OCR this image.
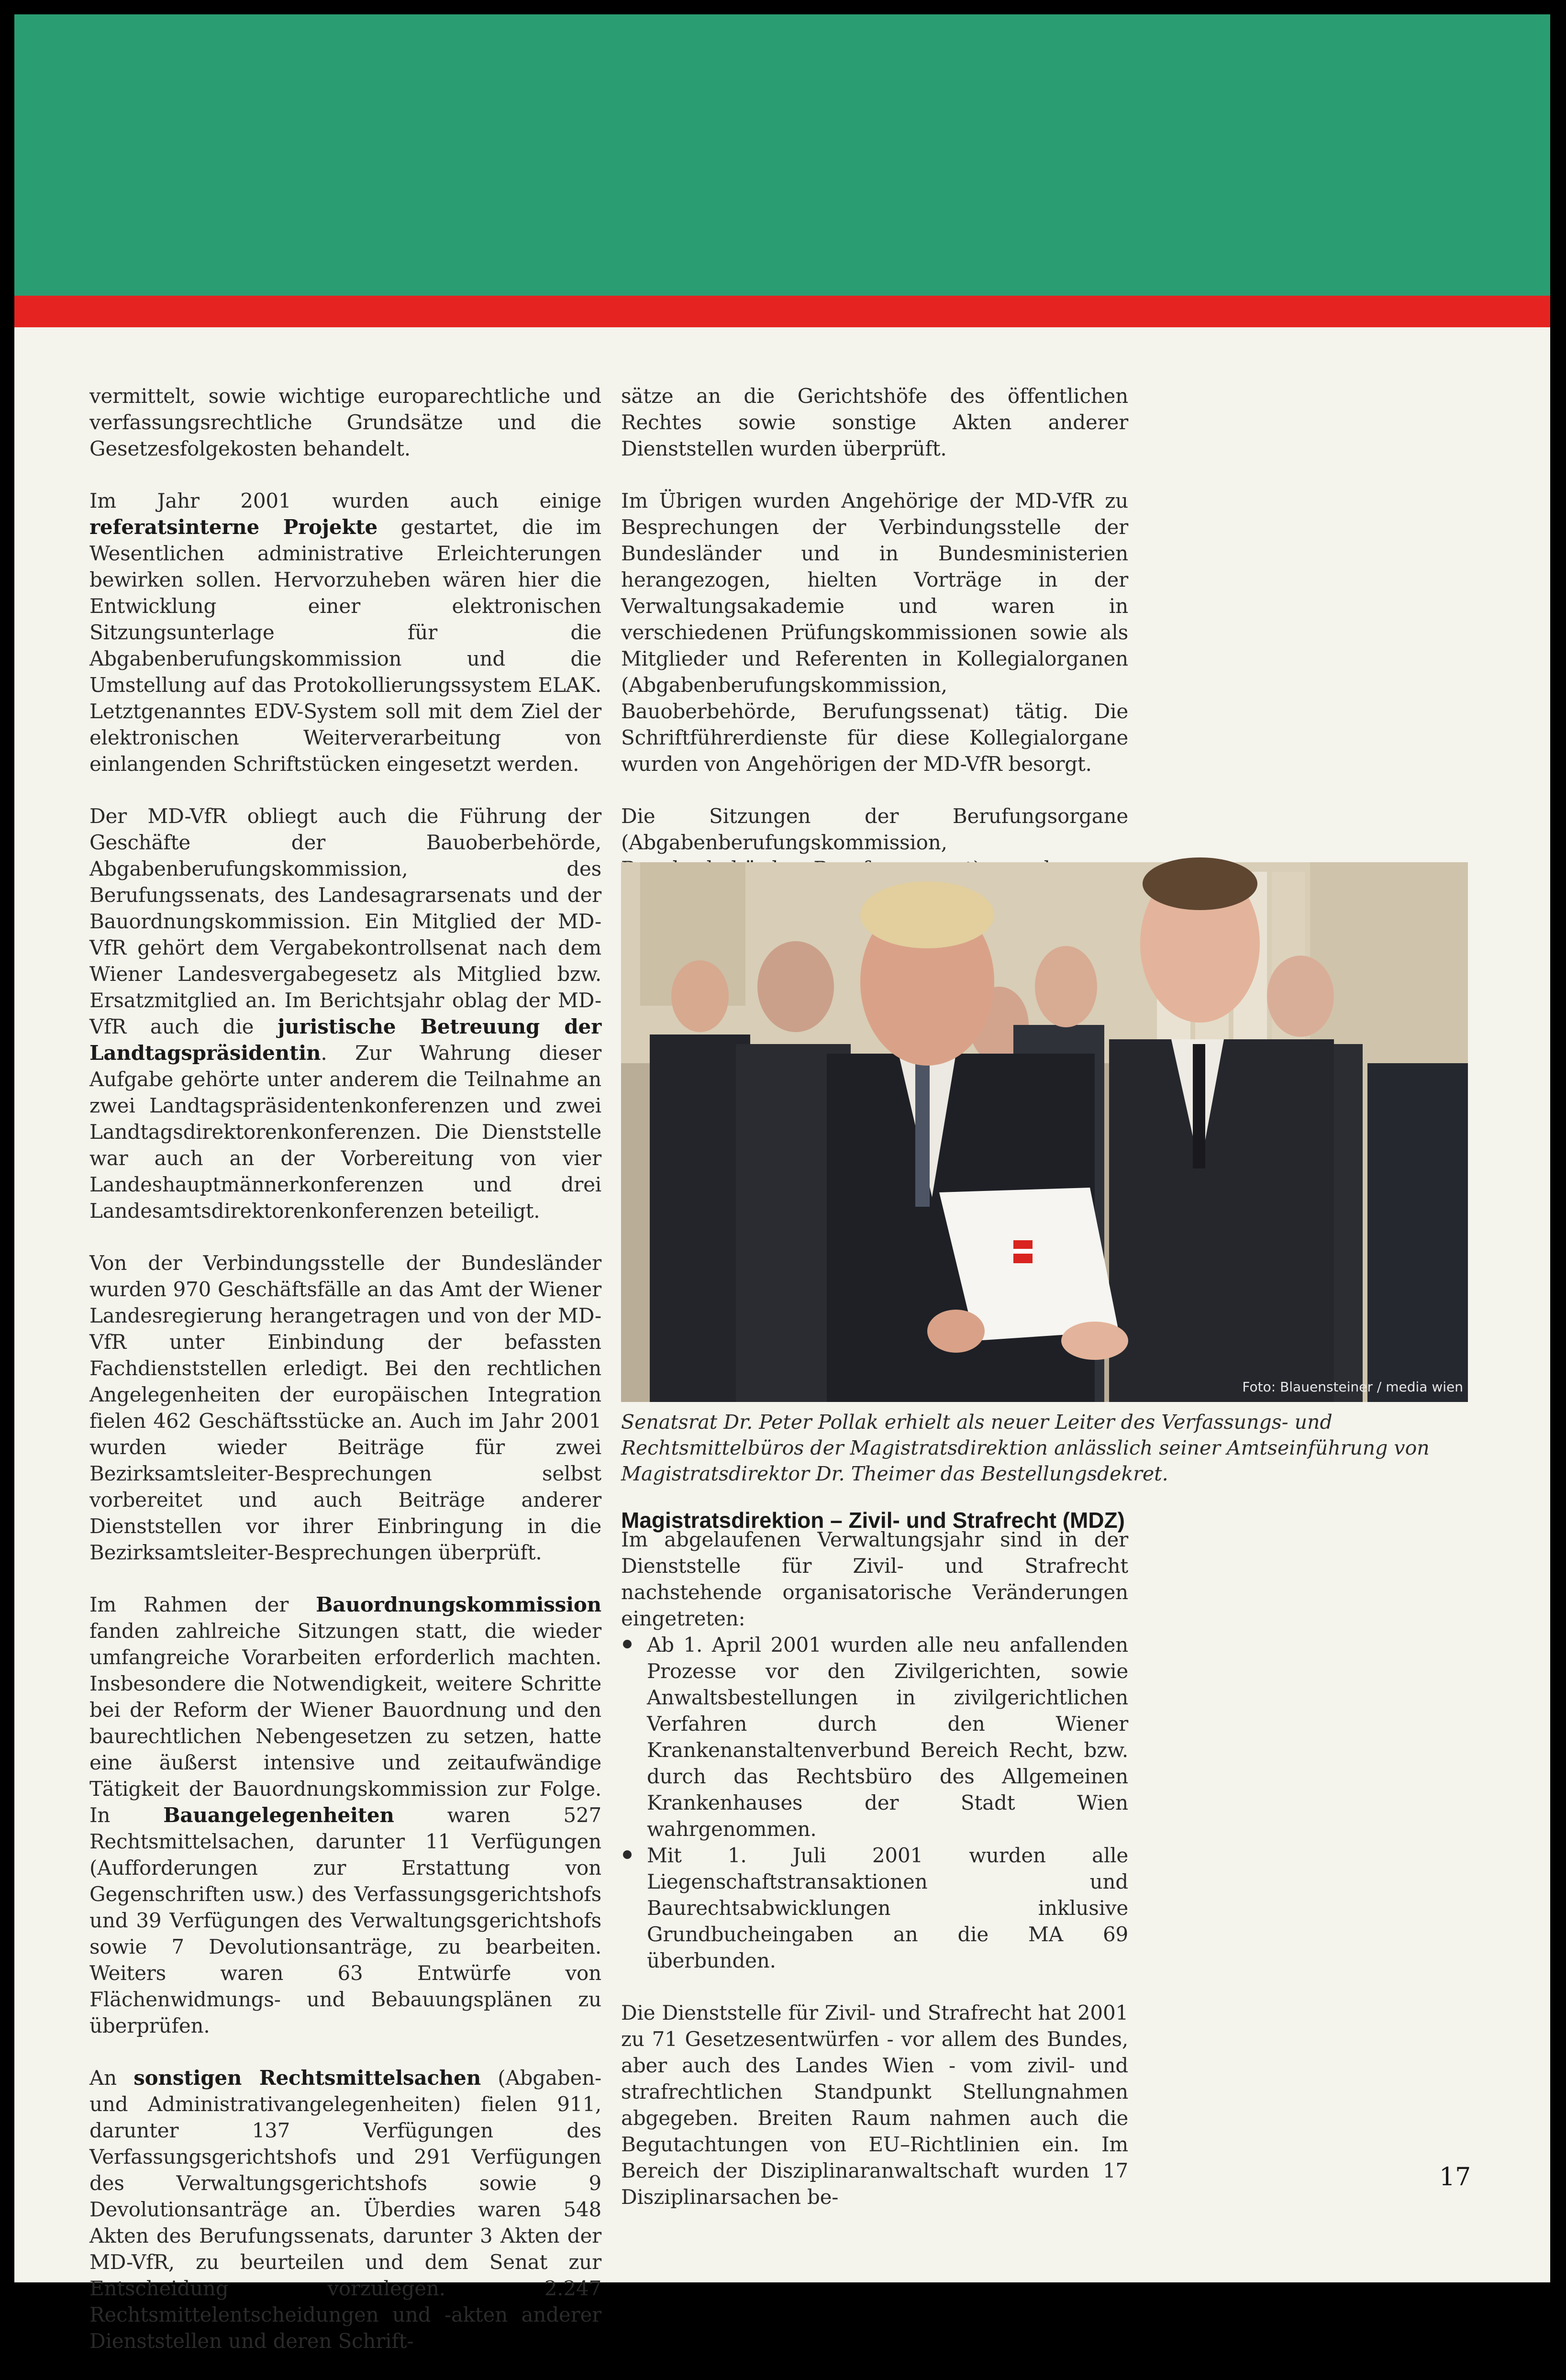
vermittelt, sowie wichtige europarechtliche und verfassungsrechtliche Grundsätze und die Gesetzesfolgekosten behandelt.

Im Jahr 2001 wurden auch einige referatsinterne Projekte gestartet, die im Wesentlichen administrative Erleichterungen bewirken sollen. Hervorzuheben wären hier die Entwicklung einer elektronischen Sitzungsunterlage für die Abgabenberufungskommission und die Umstellung auf das Protokollierungssystem ELAK. Letztgenanntes EDV-System soll mit dem Ziel der elektronischen Weiterverarbeitung von einlangenden Schriftstücken eingesetzt werden.

Der MD-VfR obliegt auch die Führung der Geschäfte der Bauoberbehörde, Abgabenberufungskommission, des Berufungssenats, des Landesagrarsenats und der Bauordnungskommission. Ein Mitglied der MD-VfR gehört dem Vergabekontrollsenat nach dem Wiener Landesvergabegesetz als Mitglied bzw. Ersatzmitglied an. Im Berichtsjahr oblag der MD-VfR auch die juristische Betreuung der Landtagspräsidentin. Zur Wahrung dieser Aufgabe gehörte unter anderem die Teilnahme an zwei Landtagspräsidentenkonferenzen und zwei Landtagsdirektorenkonferenzen. Die Dienststelle war auch an der Vorbereitung von vier Landeshauptmännerkonferenzen und drei Landesamtsdirektorenkonferenzen beteiligt.

Von der Verbindungsstelle der Bundesländer wurden 970 Geschäftsfälle an das Amt der Wiener Landesregierung herangetragen und von der MD-VfR unter Einbindung der befassten Fachdienststellen erledigt. Bei den rechtlichen Angelegenheiten der europäischen Integration fielen 462 Geschäftsstücke an. Auch im Jahr 2001 wurden wieder Beiträge für zwei Bezirksamtsleiter-Besprechungen selbst vorbereitet und auch Beiträge anderer Dienststellen vor ihrer Einbringung in die Bezirksamtsleiter-Besprechungen überprüft.

Im Rahmen der Bauordnungskommission fanden zahlreiche Sitzungen statt, die wieder umfangreiche Vorarbeiten erforderlich machten. Insbesondere die Notwendigkeit, weitere Schritte bei der Reform der Wiener Bauordnung und den baurechtlichen Nebengesetzen zu setzen, hatte eine äußerst intensive und zeitaufwändige Tätigkeit der Bauordnungskommission zur Folge. In	Bauangelegenheiten	waren 527 Rechtsmittelsachen, darunter 11 Verfügungen (Aufforderungen zur Erstattung von Gegenschriften usw.) des Verfassungsgerichtshofs und 39 Verfügungen des Verwaltungsgerichtshofs sowie 7 Devolutionsanträge, zu bearbeiten. Weiters waren 63 Entwürfe von Flächenwidmungs- und Bebauungsplänen zu überprüfen.

An sonstigen Rechtsmittelsachen (Abgaben- und Administrativangelegenheiten) fielen 911, darunter 137 Verfügungen des Verfassungsgerichtshofs und 291 Verfügungen des Verwaltungsgerichtshofs sowie 9 Devolutionsanträge an. Überdies waren 548 Akten des Berufungssenats, darunter 3 Akten der MD-VfR, zu beurteilen und dem Senat zur Entscheidung vorzulegen. 2.247 Rechtsmittelentscheidungen und -akten anderer Dienststellen und deren Schrift-

sätze an die Gerichtshöfe des öffentlichen Rechtes sowie sonstige Akten anderer Dienststellen wurden überprüft.

Im Übrigen wurden Angehörige der MD-VfR zu Besprechungen der Verbindungsstelle der Bundesländer und in Bundesministerien herangezogen, hielten Vorträge in der Verwaltungsakademie und waren in verschiedenen Prüfungskommissionen sowie als Mitglieder und Referenten in Kollegialorganen (Abgabenberufungskommission, Bauoberbehörde, Berufungssenat) tätig. Die Schriftführerdienste für diese Kollegialorgane wurden von Angehörigen der MD-VfR besorgt.

Die Sitzungen der Berufungsorgane (Abgabenberufungskommission,

Foto: Blauensteiner / media wien
Senatsrat Dr. Peter Pollak erhielt als neuer Leiter des Verfassungs- und Rechtsmittelbüros der Magistratsdirektion anlässlich seiner Amtseinführung von Magistratsdirektor Dr. Theimer das Bestellungsdekret.
Magistratsdirektion – Zivil- und Strafrecht (MDZ)

Im abgelaufenen Verwaltungsjahr sind in der Dienststelle für Zivil- und Strafrecht nachstehende organisatorische Veränderungen eingetreten:

Ab 1. April 2001 wurden alle neu anfallenden Prozesse vor den Zivilgerichten, sowie Anwaltsbestellungen in zivilgerichtlichen Verfahren durch den Wiener Krankenanstaltenverbund Bereich Recht, bzw. durch das Rechtsbüro des Allgemeinen Krankenhauses der Stadt Wien wahrgenommen.
Mit 1. Juli 2001 wurden alle Liegenschaftstransaktionen und Baurechtsabwicklungen inklusive Grundbucheingaben an die MA 69 überbunden.

Die Dienststelle für Zivil- und Strafrecht hat 2001 zu 71 Gesetzesentwürfen - vor allem des Bundes, aber auch des Landes Wien - vom zivil- und strafrechtlichen Standpunkt Stellungnahmen abgegeben. Breiten Raum nahmen auch die Begutachtungen von EU–Richtlinien ein. Im Bereich der Disziplinaranwaltschaft wurden 17 Disziplinarsachen be-

17
